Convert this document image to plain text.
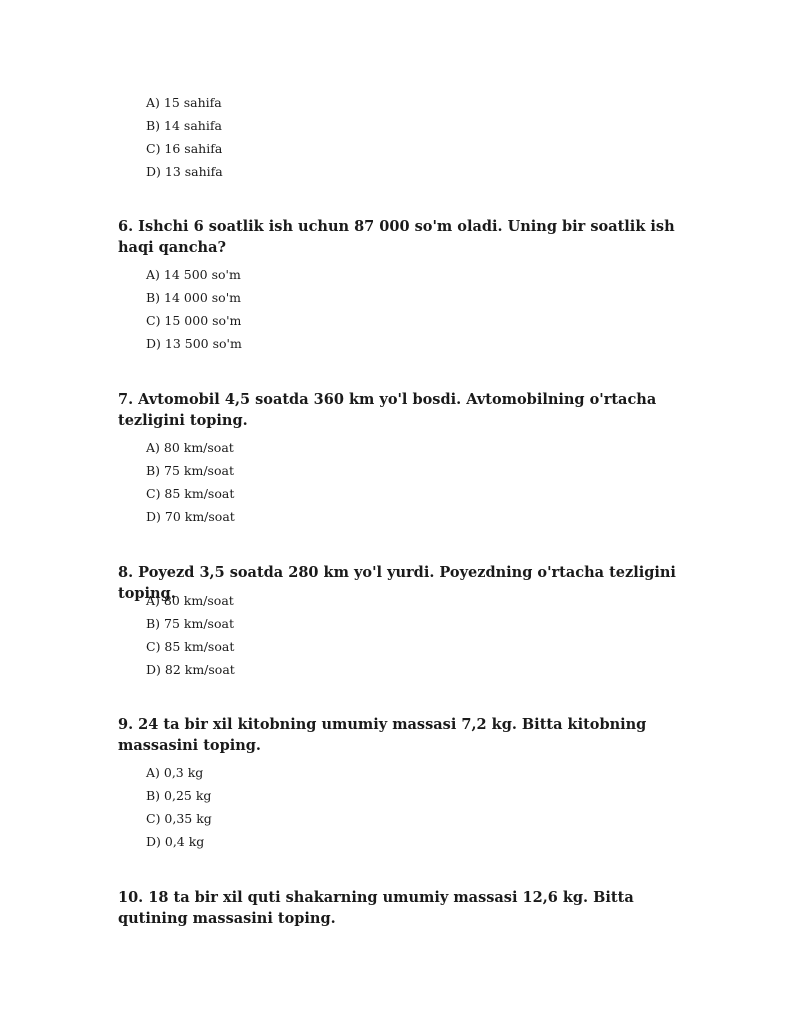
A) 15 sahifa
B) 14 sahifa
C) 16 sahifa
D) 13 sahifa

6. Ishchi 6 soatlik ish uchun 87 000 so'm oladi. Uning bir soatlik ish haqi qancha?

A) 14 500 so'm
B) 14 000 so'm
C) 15 000 so'm
D) 13 500 so'm

7. Avtomobil 4,5 soatda 360 km yo'l bosdi. Avtomobilning o'rtacha tezligini toping.

A) 80 km/soat
B) 75 km/soat
C) 85 km/soat
D) 70 km/soat

8. Poyezd 3,5 soatda 280 km yo'l yurdi. Poyezdning o'rtacha tezligini toping.

A) 80 km/soat
B) 75 km/soat
C) 85 km/soat
D) 82 km/soat

9. 24 ta bir xil kitobning umumiy massasi 7,2 kg. Bitta kitobning massasini toping.

A) 0,3 kg
B) 0,25 kg
C) 0,35 kg
D) 0,4 kg

10. 18 ta bir xil quti shakarning umumiy massasi 12,6 kg. Bitta qutining massasini toping.
